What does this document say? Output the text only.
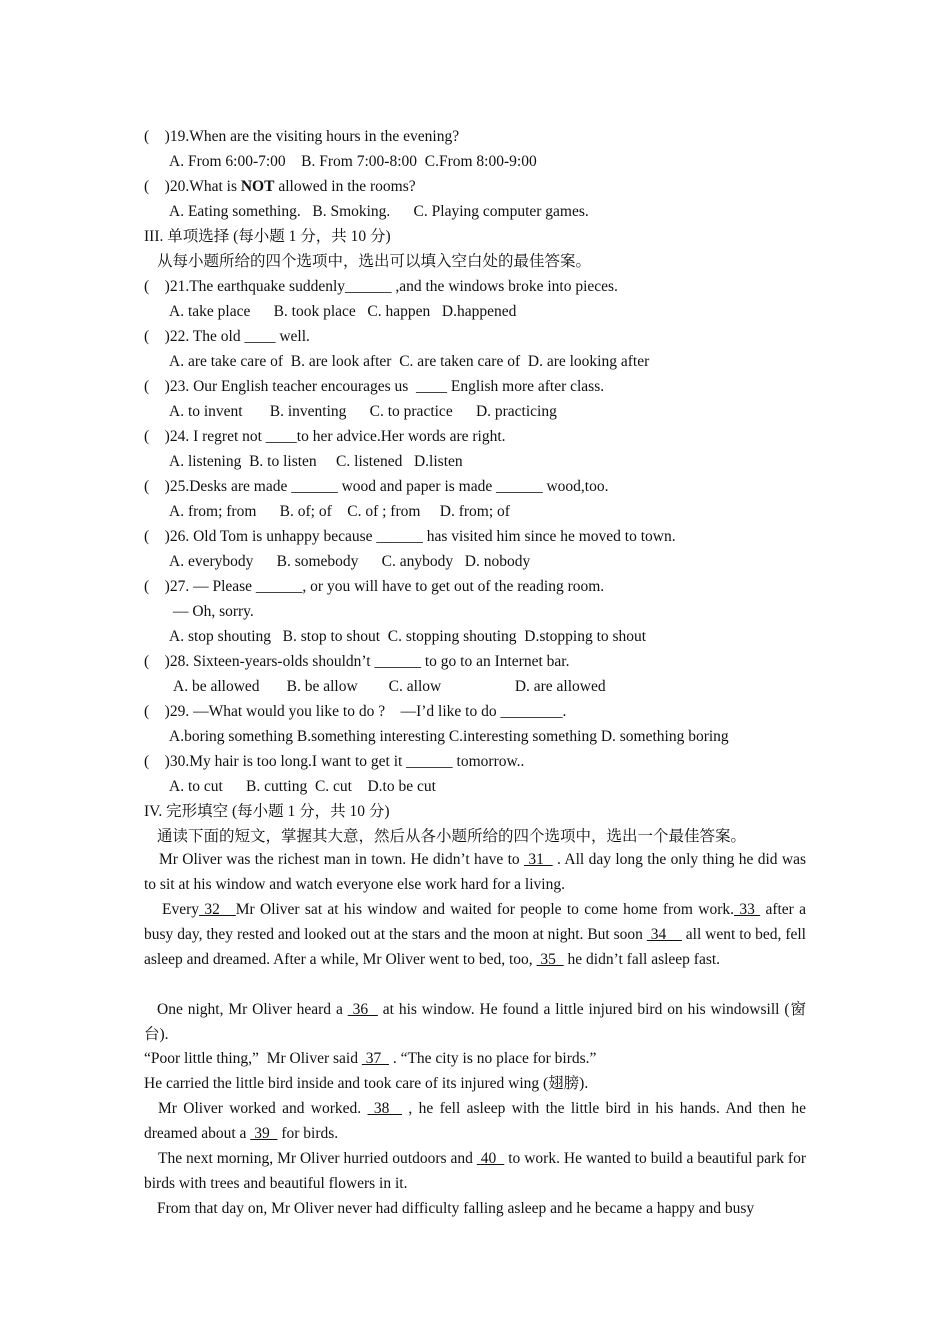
(    )19.When are the visiting hours in the evening?
A. From 6:00-7:00    B. From 7:00-8:00  C.From 8:00-9:00
(    )20.What is NOT allowed in the rooms?
A. Eating something.   B. Smoking.      C. Playing computer games.
III. 单项选择 (每小题 1 分，共 10 分)
从每小题所给的四个选项中，选出可以填入空白处的最佳答案。
(    )21.The earthquake suddenly______ ,and the windows broke into pieces.
A. take place      B. took place   C. happen   D.happened
(    )22. The old ____ well.
A. are take care of  B. are look after  C. are taken care of  D. are looking after
(    )23. Our English teacher encourages us  ____ English more after class.
A. to invent       B. inventing      C. to practice      D. practicing
(    )24. I regret not ____to her advice.Her words are right.
A. listening  B. to listen     C. listened   D.listen
(    )25.Desks are made ______ wood and paper is made ______ wood,too.
A. from; from      B. of; of    C. of ; from     D. from; of
(    )26. Old Tom is unhappy because ______ has visited him since he moved to town.
A. everybody      B. somebody      C. anybody   D. nobody
(    )27. — Please ______, or you will have to get out of the reading room.
— Oh, sorry.
A. stop shouting   B. stop to shout  C. stopping shouting  D.stopping to shout
(    )28. Sixteen-years-olds shouldn’t ______ to go to an Internet bar.
A. be allowed       B. be allow        C. allow                   D. are allowed
(    )29. —What would you like to do ?    —I’d like to do ________.
A.boring something B.something interesting C.interesting something D. something boring
(    )30.My hair is too long.I want to get it ______ tomorrow..
A. to cut      B. cutting  C. cut    D.to be cut
IV. 完形填空 (每小题 1 分，共 10 分)
通读下面的短文，掌握其大意，然后从各小题所给的四个选项中，选出一个最佳答案。
Mr Oliver was the richest man in town. He didn’t have to  31   . All day long the only thing he did was to sit at his window and watch everyone else work hard for a living.
Every 32   Mr Oliver sat at his window and waited for people to come home from work. 33  after a busy day, they rested and looked out at the stars and the moon at night. But soon  34     all went to bed, fell asleep and dreamed. After a while, Mr Oliver went to bed, too,  35   he didn’t fall asleep fast.
One night, Mr Oliver heard a  36   at his window. He found a little injured bird on his windowsill (窗台).
“Poor little thing,”  Mr Oliver said  37   . “The city is no place for birds.”
He carried the little bird inside and took care of its injured wing (翅膀).
Mr Oliver worked and worked.  38   , he fell asleep with the little bird in his hands. And then he dreamed about a  39   for birds.
The next morning, Mr Oliver hurried outdoors and  40   to work. He wanted to build a beautiful park for birds with trees and beautiful flowers in it.
From that day on, Mr Oliver never had difficulty falling asleep and he became a happy and busy
